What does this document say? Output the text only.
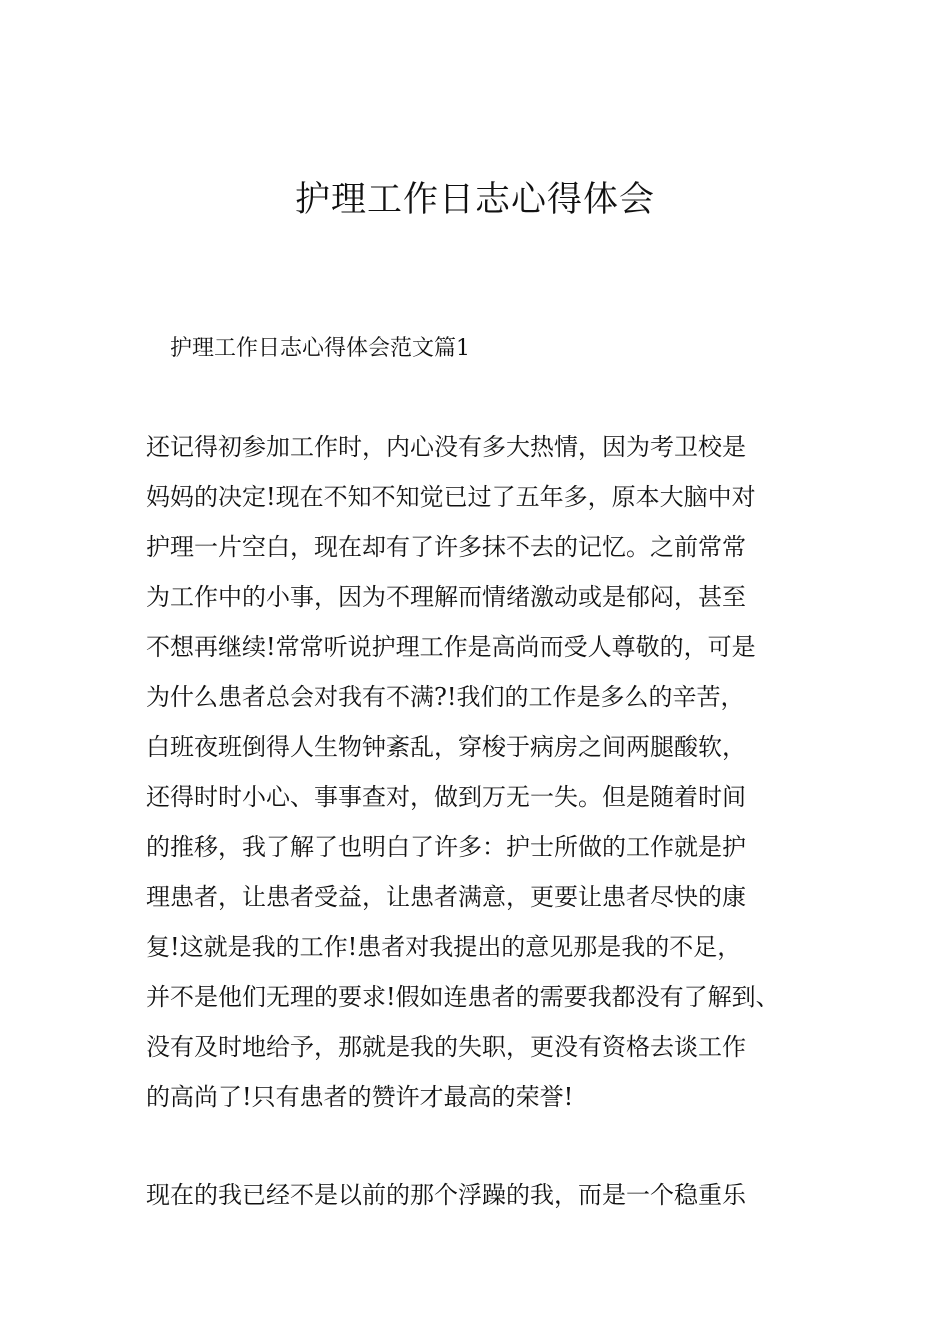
护理工作日志心得体会
护理工作日志心得体会范文篇1

还记得初参加工作时，内心没有多大热情，因为考卫校是
妈妈的决定!现在不知不知觉已过了五年多，原本大脑中对
护理一片空白，现在却有了许多抹不去的记忆。之前常常
为工作中的小事，因为不理解而情绪激动或是郁闷，甚至
不想再继续!常常听说护理工作是高尚而受人尊敬的，可是
为什么患者总会对我有不满?!我们的工作是多么的辛苦，
白班夜班倒得人生物钟紊乱，穿梭于病房之间两腿酸软，
还得时时小心、事事查对，做到万无一失。但是随着时间
的推移，我了解了也明白了许多：护士所做的工作就是护
理患者，让患者受益，让患者满意，更要让患者尽快的康
复!这就是我的工作!患者对我提出的意见那是我的不足，
并不是他们无理的要求!假如连患者的需要我都没有了解到、
没有及时地给予，那就是我的失职，更没有资格去谈工作
的高尚了!只有患者的赞许才最高的荣誉!

现在的我已经不是以前的那个浮躁的我，而是一个稳重乐
